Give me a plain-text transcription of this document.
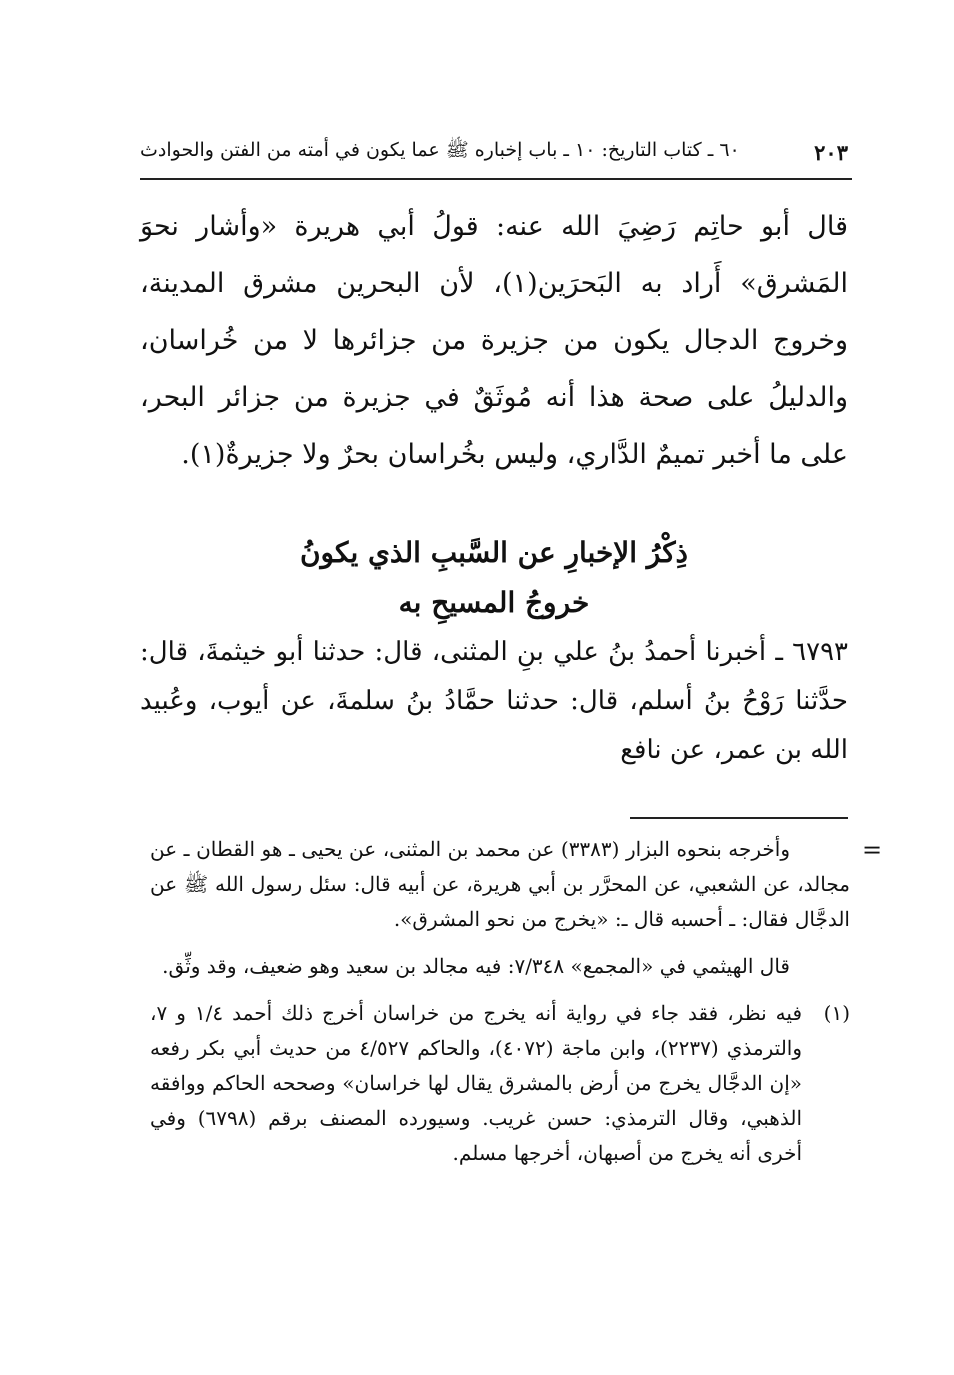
٦٠ ـ كتاب التاريخ: ١٠ ـ باب إخباره ﷺ عما يكون في أمته من الفتن والحوادث	٢٠٣

قال أبو حاتِم رَضِيَ الله عنه: قولُ أبي هريرة «وأشار نحوَ المَشرق» أَراد به البَحرَين(١)، لأن البحرين مشرق المدينة، وخروج الدجال يكون من جزيرة من جزائرها لا من خُراسان، والدليلُ على صحة هذا أنه مُوثَقٌ في جزيرة من جزائر البحر، على ما أخبر تميمٌ الدَّاري، وليس بخُراسان بحرٌ ولا جزيرةٌ(١).

ذِكْرُ الإخبارِ عن السَّببِ الذي يكونُ
خروجُ المسيحِ به

٦٧٩٣ ـ أخبرنا أحمدُ بنُ علي بنِ المثنى، قال: حدثنا أبو خيثمةَ، قال: حدَّثنا رَوْحُ بنُ أسلم، قال: حدثنا حمَّادُ بنُ سلمةَ، عن أيوب، وعُبيد الله بن عمر، عن نافع

=

وأخرجه بنحوه البزار (٣٣٨٣) عن محمد بن المثنى، عن يحيى ـ هو القطان ـ عن مجالد، عن الشعبي، عن المحرَّر بن أبي هريرة، عن أبيه قال: سئل رسول الله ﷺ عن الدجَّال فقال: ـ أحسبه قال ـ: «يخرج من نحو المشرق».

قال الهيثمي في «المجمع» ٧/٣٤٨: فيه مجالد بن سعيد وهو ضعيف، وقد وثِّق.

(١)

فيه نظر، فقد جاء في رواية أنه يخرج من خراسان أخرج ذلك أحمد ١/٤ و ٧، والترمذي (٢٢٣٧)، وابن ماجة (٤٠٧٢)، والحاكم ٤/٥٢٧ من حديث أبي بكر رفعه «إن الدجَّال يخرج من أرض بالمشرق يقال لها خراسان» وصححه الحاكم ووافقه الذهبي، وقال الترمذي: حسن غريب. وسيورده المصنف برقم (٦٧٩٨) وفي أخرى أنه يخرج من أصبهان، أخرجها مسلم.
